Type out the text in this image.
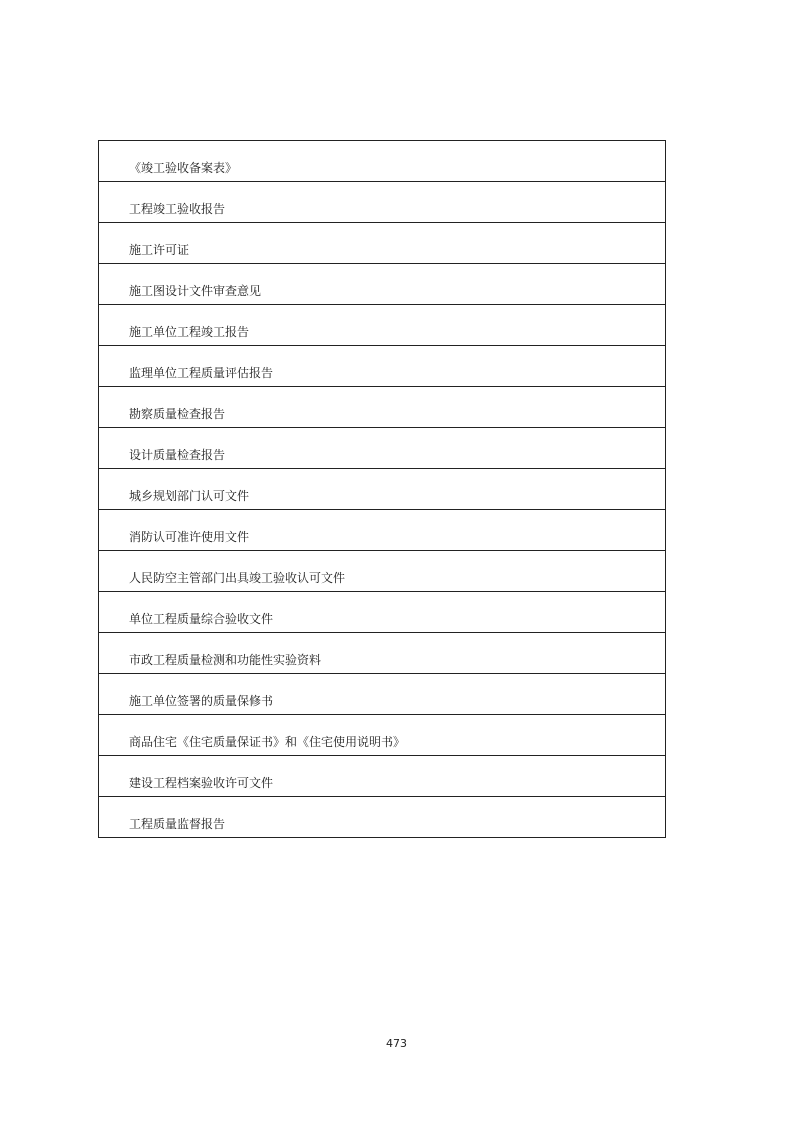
《竣工验收备案表》
工程竣工验收报告
施工许可证
施工图设计文件审查意见
施工单位工程竣工报告
监理单位工程质量评估报告
勘察质量检查报告
设计质量检查报告
城乡规划部门认可文件
消防认可准许使用文件
人民防空主管部门出具竣工验收认可文件
单位工程质量综合验收文件
市政工程质量检测和功能性实验资料
施工单位签署的质量保修书
商品住宅《住宅质量保证书》和《住宅使用说明书》
建设工程档案验收许可文件
工程质量监督报告
473
